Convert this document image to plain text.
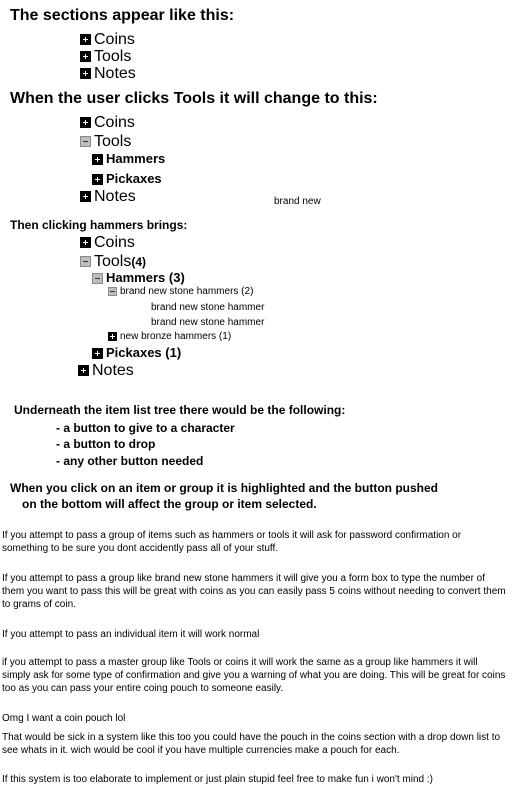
The sections appear like this:
Coins
Tools
Notes
When the user clicks Tools it will change to this:
Coins
Tools
Hammers
Pickaxes
Notes	brand new
Then clicking hammers brings:
Coins
Tools(4)
Hammers (3)
brand new stone hammers (2)
brand new stone hammer
brand new stone hammer
new bronze hammers (1)
Pickaxes (1)
Notes
Underneath the item list tree there would be the following:
- a button to give to a character
- a button to drop
- any other button needed
When you click on an item or group it is highlighted and the button pushed
on the bottom will affect the group or item selected.
If you attempt to pass a group of items such as hammers or tools it will ask for password confirmation or something to be sure you dont accidently pass all of your stuff.
If you attempt to pass a group like brand new stone hammers it will give you a form box to type the number of them you want to pass this will be great with coins as you can easily pass 5 coins without needing to convert them to grams of coin.
If you attempt to pass an individual item it will work normal
if you attempt to pass a master group like Tools or coins it will work the same as a group like hammers it will simply ask for some type of confirmation and give you a warning of what you are doing. This will be great for coins too as you can pass your entire coing pouch to someone easily.
Omg I want a coin pouch lol
That would be sick in a system like this too you could have the pouch in the coins section with a drop down list to see whats in it. wich would be cool if you have multiple currencies make a pouch for each.
If this system is too elaborate to implement or just plain stupid feel free to make fun i won't mind :)
